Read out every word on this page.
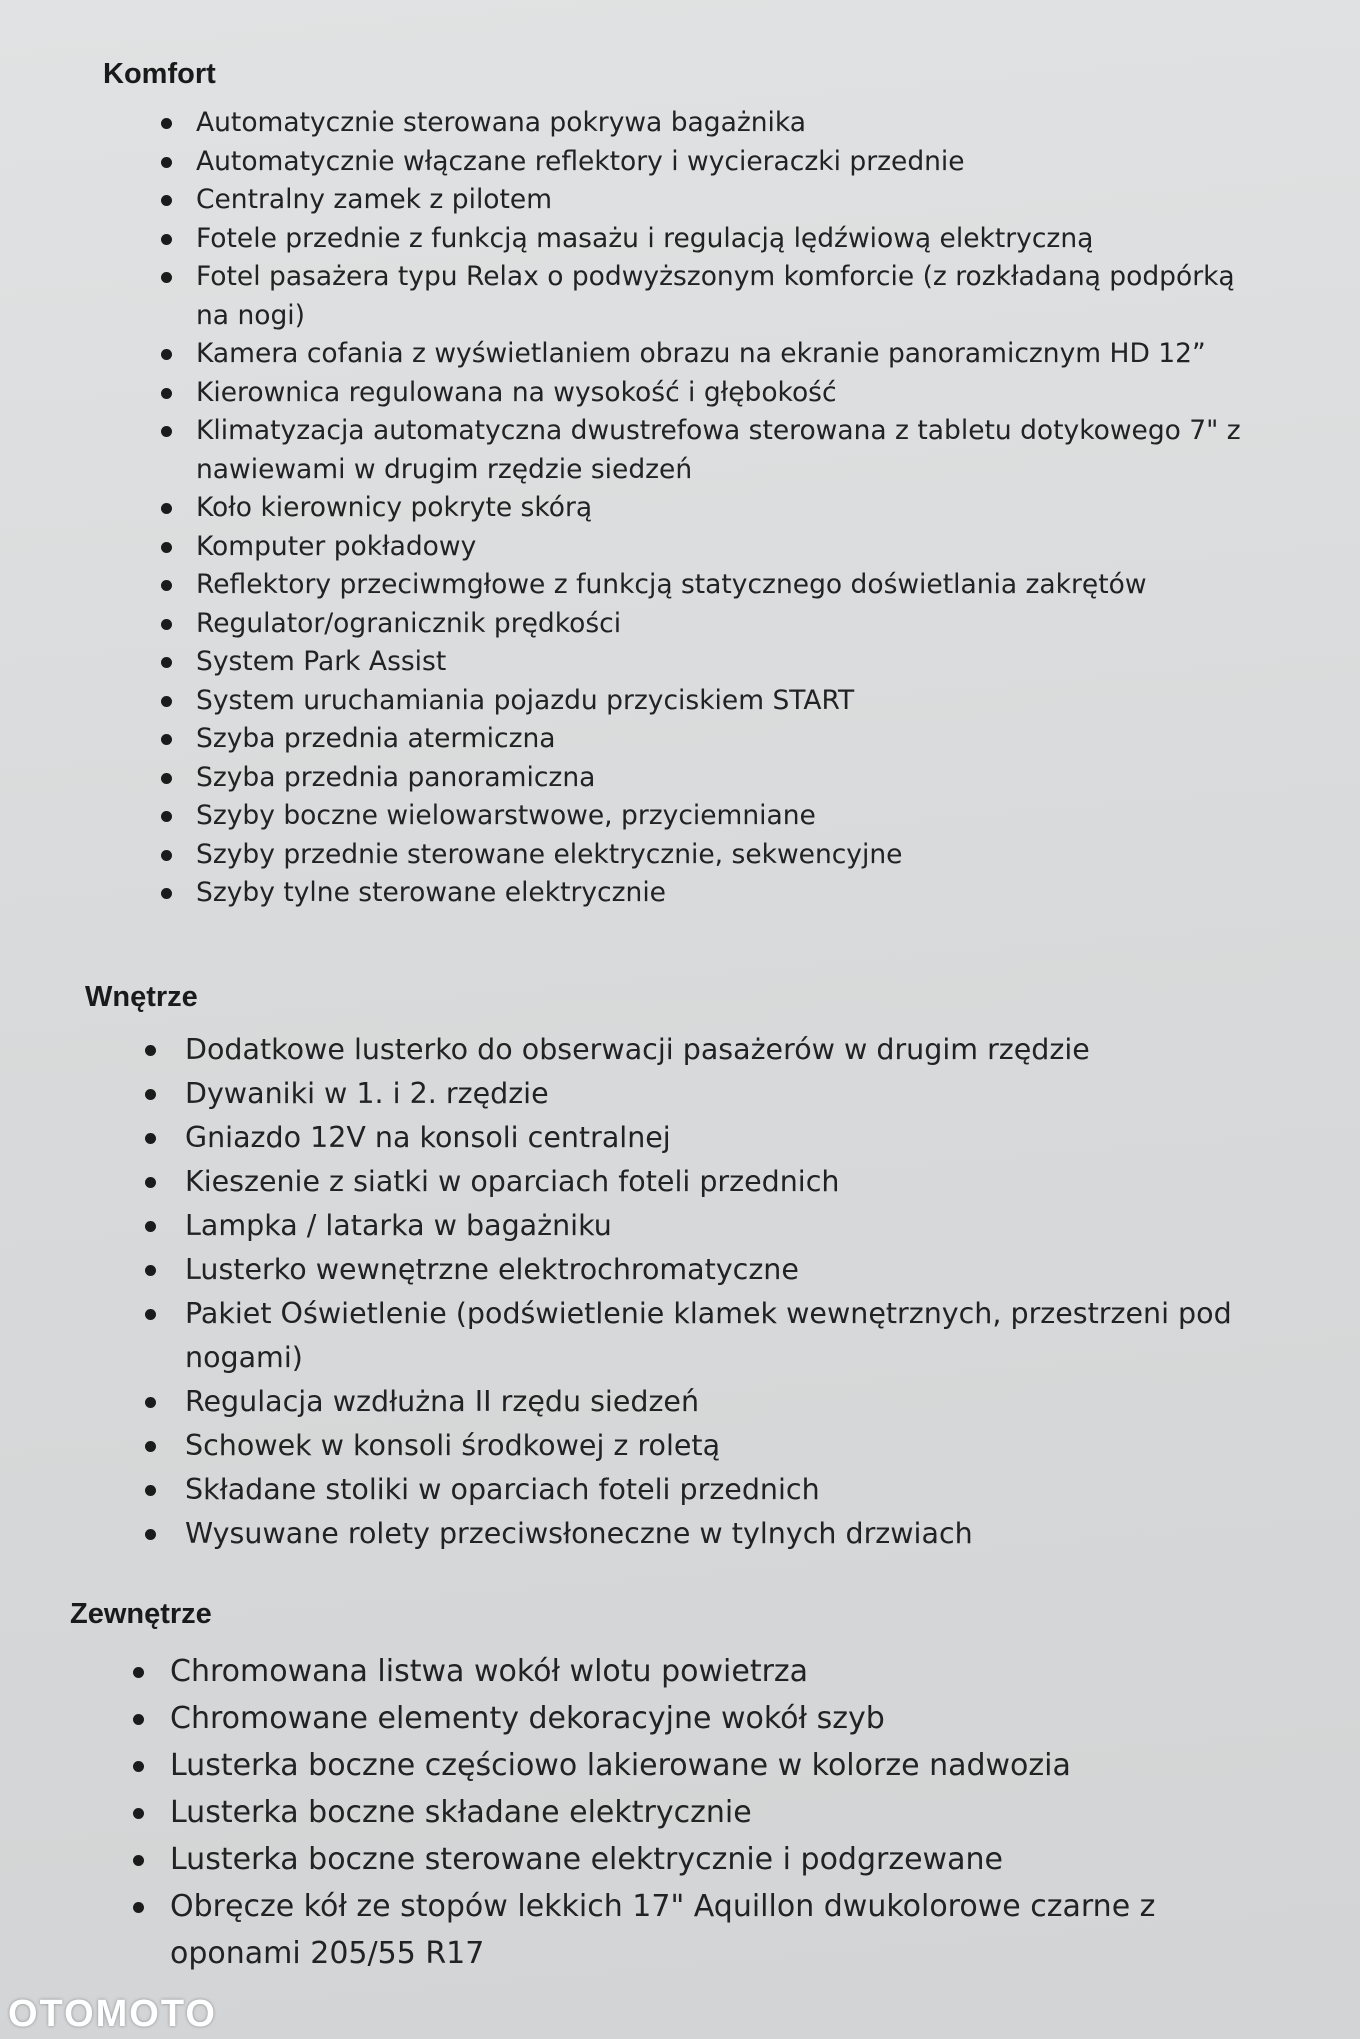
Komfort
Automatycznie sterowana pokrywa bagażnika
Automatycznie włączane reflektory i wycieraczki przednie
Centralny zamek z pilotem
Fotele przednie z funkcją masażu i regulacją lędźwiową elektryczną
Fotel pasażera typu Relax o podwyższonym komforcie (z rozkładaną podpórką na nogi)
Kamera cofania z wyświetlaniem obrazu na ekranie panoramicznym HD 12”
Kierownica regulowana na wysokość i głębokość
Klimatyzacja automatyczna dwustrefowa sterowana z tabletu dotykowego 7" z nawiewami w drugim rzędzie siedzeń
Koło kierownicy pokryte skórą
Komputer pokładowy
Reflektory przeciwmgłowe z funkcją statycznego doświetlania zakrętów
Regulator/ogranicznik prędkości
System Park Assist
System uruchamiania pojazdu przyciskiem START
Szyba przednia atermiczna
Szyba przednia panoramiczna
Szyby boczne wielowarstwowe, przyciemniane
Szyby przednie sterowane elektrycznie, sekwencyjne
Szyby tylne sterowane elektrycznie
Wnętrze
Dodatkowe lusterko do obserwacji pasażerów w drugim rzędzie
Dywaniki w 1. i 2. rzędzie
Gniazdo 12V na konsoli centralnej
Kieszenie z siatki w oparciach foteli przednich
Lampka / latarka w bagażniku
Lusterko wewnętrzne elektrochromatyczne
Pakiet Oświetlenie (podświetlenie klamek wewnętrznych, przestrzeni pod nogami)
Regulacja wzdłużna II rzędu siedzeń
Schowek w konsoli środkowej z roletą
Składane stoliki w oparciach foteli przednich
Wysuwane rolety przeciwsłoneczne w tylnych drzwiach
Zewnętrze
Chromowana listwa wokół wlotu powietrza
Chromowane elementy dekoracyjne wokół szyb
Lusterka boczne częściowo lakierowane w kolorze nadwozia
Lusterka boczne składane elektrycznie
Lusterka boczne sterowane elektrycznie i podgrzewane
Obręcze kół ze stopów lekkich 17" Aquillon dwukolorowe czarne z oponami 205/55 R17
OTOMOTO
